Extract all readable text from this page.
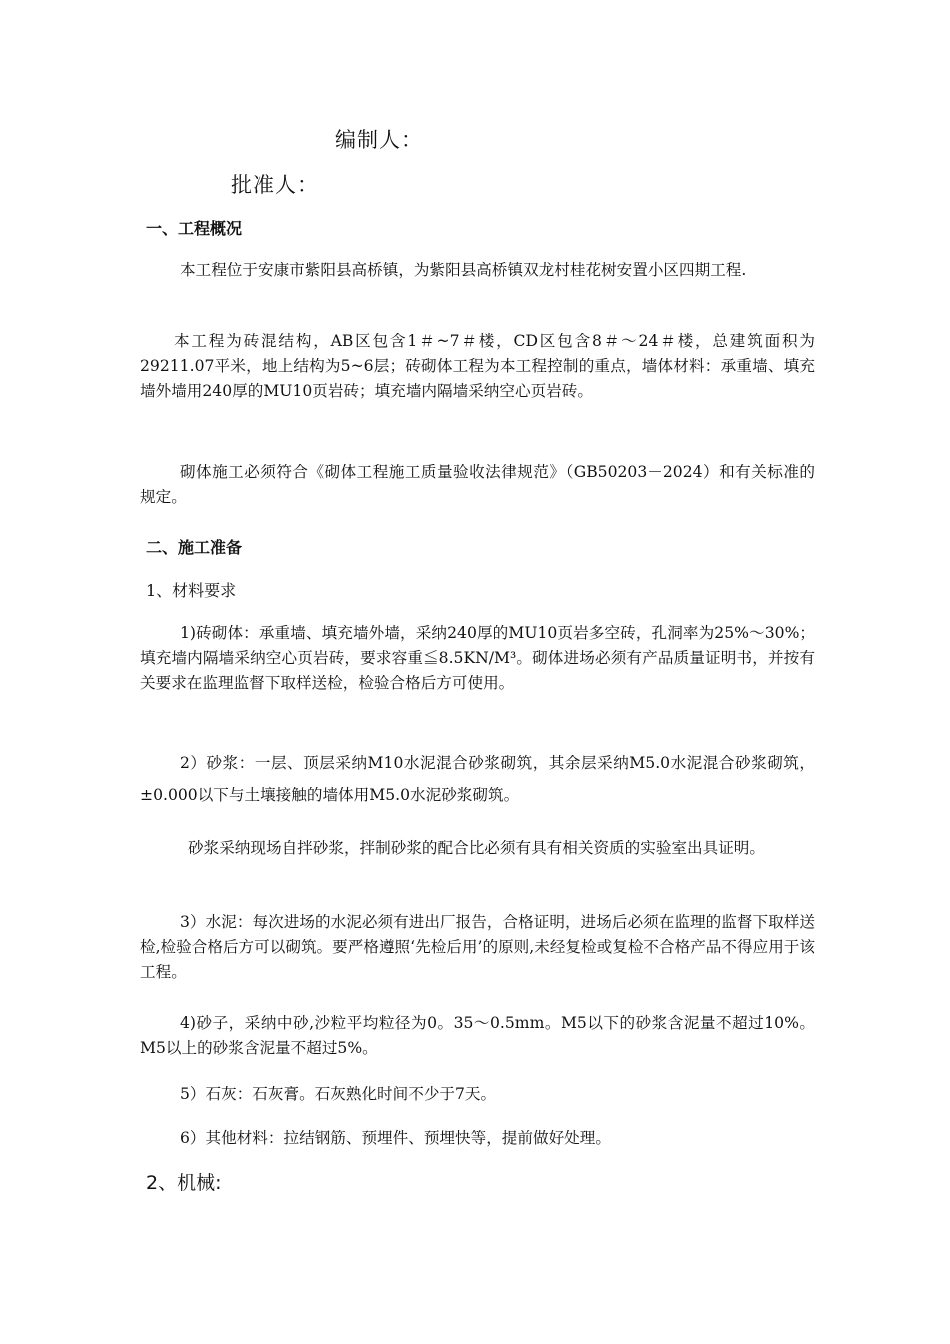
编制人：
批准人：
一、工程概况
本工程位于安康市紫阳县高桥镇，为紫阳县高桥镇双龙村桂花树安置小区四期工程.
本工程为砖混结构，AB区包含1＃~7＃楼，CD区包含8＃～24＃楼，总建筑面积为29211.07平米，地上结构为5~6层；砖砌体工程为本工程控制的重点，墙体材料：承重墙、填充墙外墙用240厚的MU10页岩砖；填充墙内隔墙采纳空心页岩砖。
砌体施工必须符合《砌体工程施工质量验收法律规范》（GB50203－2024）和有关标准的规定。
二、施工准备
1、材料要求
1)砖砌体：承重墙、填充墙外墙，采纳240厚的MU10页岩多空砖，孔洞率为25%～30%；填充墙内隔墙采纳空心页岩砖，要求容重≦8.5KN/M³。砌体进场必须有产品质量证明书，并按有关要求在监理监督下取样送检，检验合格后方可使用。
2）砂浆：一层、顶层采纳M10水泥混合砂浆砌筑，其余层采纳M5.0水泥混合砂浆砌筑，±0.000以下与土壤接触的墙体用M5.0水泥砂浆砌筑。
砂浆采纳现场自拌砂浆，拌制砂浆的配合比必须有具有相关资质的实验室出具证明。
3）水泥：每次进场的水泥必须有进出厂报告，合格证明，进场后必须在监理的监督下取样送检,检验合格后方可以砌筑。要严格遵照‘先检后用’的原则,未经复检或复检不合格产品不得应用于该工程。
4)砂子，采纳中砂,沙粒平均粒径为0。35～0.5mm。M5以下的砂浆含泥量不超过10%。M5以上的砂浆含泥量不超过5%。
5）石灰：石灰膏。石灰熟化时间不少于7天。
6）其他材料：拉结钢筋、预埋件、预埋快等，提前做好处理。
2、机械:
